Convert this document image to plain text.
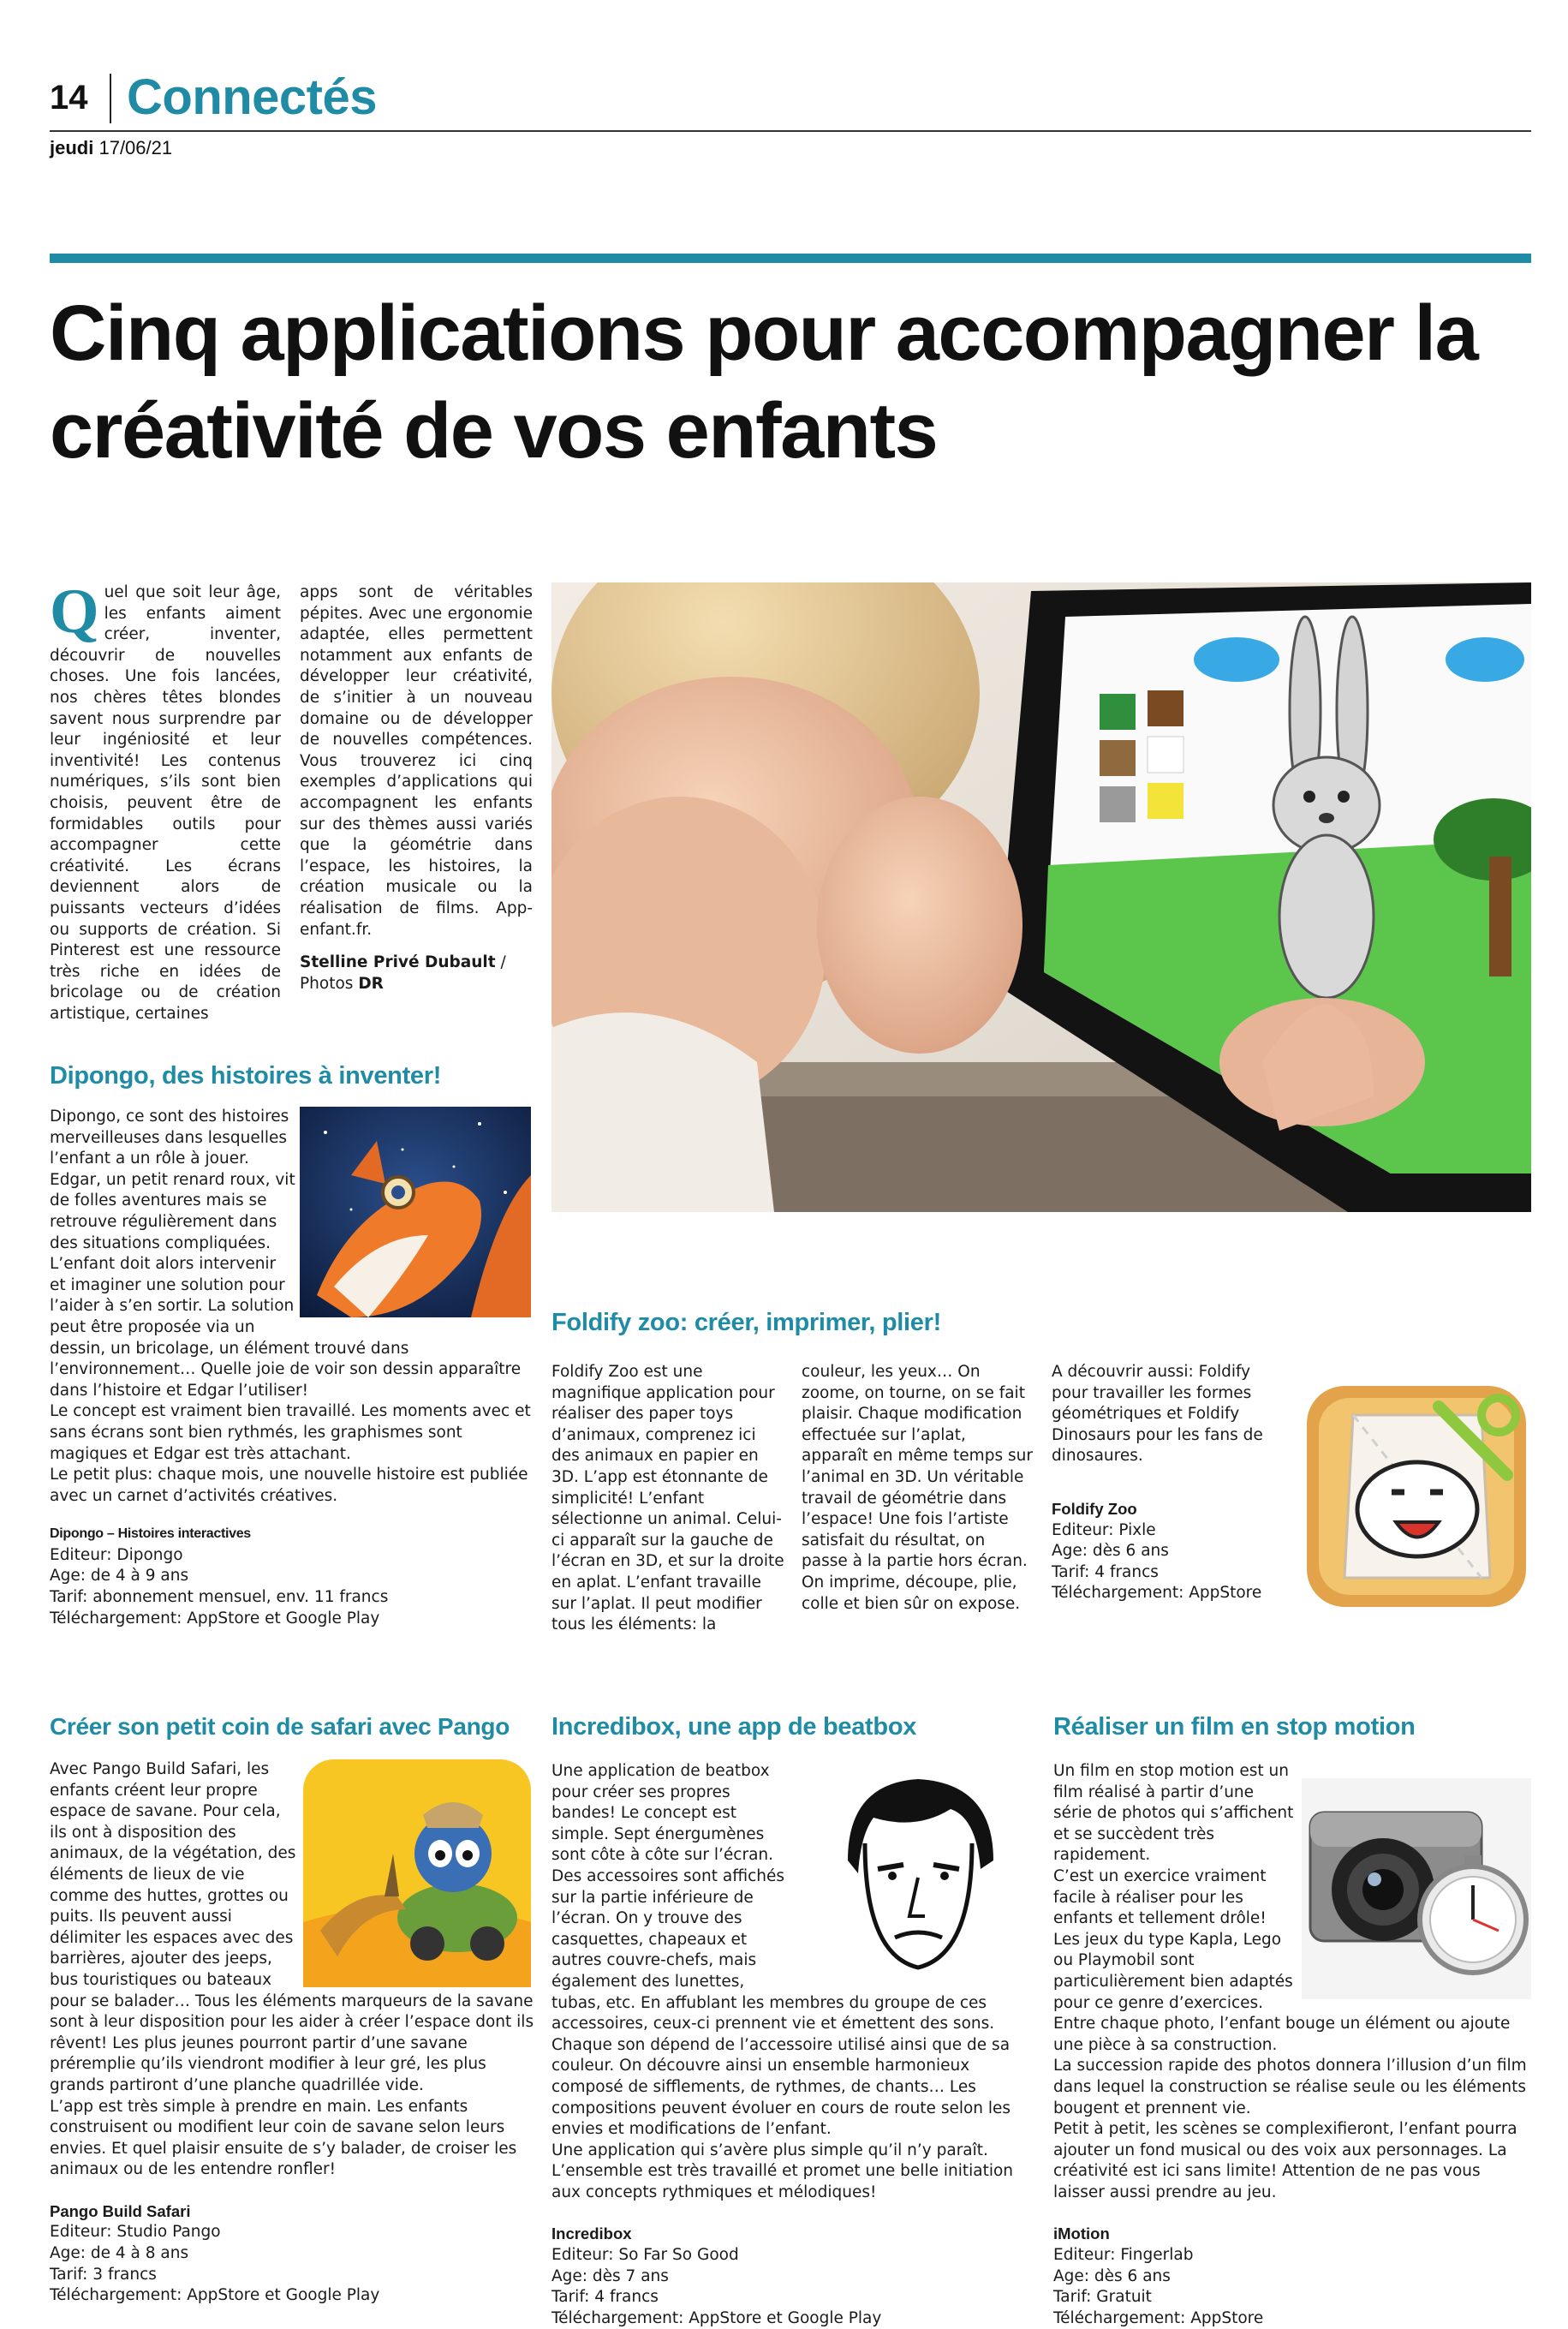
14 Connectés
jeudi 17/06/21
Cinq applications pour accompagner la créativité de vos enfants
Quel que soit leur âge, les enfants aiment créer, inventer, découvrir de nouvelles choses. Une fois lancées, nos chères têtes blondes savent nous surprendre par leur ingéniosité et leur inventivité! Les contenus numériques, s’ils sont bien choisis, peuvent être de formidables outils pour accompagner cette créativité. Les écrans deviennent alors de puissants vecteurs d’idées ou supports de création. Si Pinterest est une ressource très riche en idées de bricolage ou de création artistique, certaines

apps sont de véritables pépites. Avec une ergonomie adaptée, elles permettent notamment aux enfants de développer leur créativité, de s’initier à un nouveau domaine ou de développer de nouvelles compétences. Vous trouverez ici cinq exemples d’applications qui accompagnent les enfants sur des thèmes aussi variés que la géométrie dans l’espace, les histoires, la création musicale ou la réalisation de films. App-enfant.fr.

Stelline Privé Dubault /
Photos DR

Dipongo, des histoires à inventer!

Dipongo, ce sont des histoires merveilleuses dans lesquelles l’enfant a un rôle à jouer. Edgar, un petit renard roux, vit de folles aventures mais se retrouve régulièrement dans des situations compliquées. L’enfant doit alors intervenir et imaginer une solution pour l’aider à s’en sortir. La solution peut être proposée via un dessin, un bricolage, un élément trouvé dans l’environnement… Quelle joie de voir son dessin apparaître dans l’histoire et Edgar l’utiliser!

Le concept est vraiment bien travaillé. Les moments avec et sans écrans sont bien rythmés, les graphismes sont magiques et Edgar est très attachant.

Le petit plus: chaque mois, une nouvelle histoire est publiée avec un carnet d’activités créatives.

Dipongo – Histoires interactives

Editeur: Dipongo

Age: de 4 à 9 ans

Tarif: abonnement mensuel, env. 11 francs

Téléchargement: AppStore et Google Play

Foldify zoo: créer, imprimer, plier!
Foldify Zoo est une magnifique application pour réaliser des paper toys d’animaux, comprenez ici des animaux en papier en 3D. L’app est étonnante de simplicité! L’enfant sélectionne un animal. Celui-ci apparaît sur la gauche de l’écran en 3D, et sur la droite en aplat. L’enfant travaille sur l’aplat. Il peut modifier tous les éléments: la
couleur, les yeux… On zoome, on tourne, on se fait plaisir. Chaque modification effectuée sur l’aplat, apparaît en même temps sur l’animal en 3D. Un véritable travail de géométrie dans l’espace! Une fois l’artiste satisfait du résultat, on passe à la partie hors écran. On imprime, découpe, plie, colle et bien sûr on expose.
A découvrir aussi: Foldify pour travailler les formes géométriques et Foldify Dinosaurs pour les fans de dinosaures.

Foldify Zoo

Editeur: Pixle

Age: dès 6 ans

Tarif: 4 francs

Téléchargement: AppStore

Créer son petit coin de safari avec Pango

Avec Pango Build Safari, les enfants créent leur propre espace de savane. Pour cela, ils ont à disposition des animaux, de la végétation, des éléments de lieux de vie comme des huttes, grottes ou puits. Ils peuvent aussi délimiter les espaces avec des barrières, ajouter des jeeps, bus touristiques ou bateaux pour se balader… Tous les éléments marqueurs de la savane sont à leur disposition pour les aider à créer l’espace dont ils rêvent! Les plus jeunes pourront partir d’une savane préremplie qu’ils viendront modifier à leur gré, les plus grands partiront d’une planche quadrillée vide.

L’app est très simple à prendre en main. Les enfants construisent ou modifient leur coin de savane selon leurs envies. Et quel plaisir ensuite de s’y balader, de croiser les animaux ou de les entendre ronfler!

Pango Build Safari

Editeur: Studio Pango

Age: de 4 à 8 ans

Tarif: 3 francs

Téléchargement: AppStore et Google Play

Incredibox, une app de beatbox

Une application de beatbox pour créer ses propres bandes! Le concept est simple. Sept énergumènes sont côte à côte sur l’écran. Des accessoires sont affichés sur la partie inférieure de l’écran. On y trouve des casquettes, chapeaux et autres couvre-chefs, mais également des lunettes, tubas, etc. En affublant les membres du groupe de ces accessoires, ceux-ci prennent vie et émettent des sons. Chaque son dépend de l’accessoire utilisé ainsi que de sa couleur. On découvre ainsi un ensemble harmonieux composé de sifflements, de rythmes, de chants… Les compositions peuvent évoluer en cours de route selon les envies et modifications de l’enfant.

Une application qui s’avère plus simple qu’il n’y paraît.

L’ensemble est très travaillé et promet une belle initiation aux concepts rythmiques et mélodiques!

Incredibox

Editeur: So Far So Good

Age: dès 7 ans

Tarif: 4 francs

Téléchargement: AppStore et Google Play

Réaliser un film en stop motion

Un film en stop motion est un film réalisé à partir d’une série de photos qui s’affichent et se succèdent très rapidement.

C’est un exercice vraiment facile à réaliser pour les enfants et tellement drôle!

Les jeux du type Kapla, Lego ou Playmobil sont particulièrement bien adaptés pour ce genre d’exercices. Entre chaque photo, l’enfant bouge un élément ou ajoute une pièce à sa construction.

La succession rapide des photos donnera l’illusion d’un film dans lequel la construction se réalise seule ou les éléments bougent et prennent vie.

Petit à petit, les scènes se complexifieront, l’enfant pourra ajouter un fond musical ou des voix aux personnages. La créativité est ici sans limite! Attention de ne pas vous laisser aussi prendre au jeu.

iMotion

Editeur: Fingerlab

Age: dès 6 ans

Tarif: Gratuit

Téléchargement: AppStore
